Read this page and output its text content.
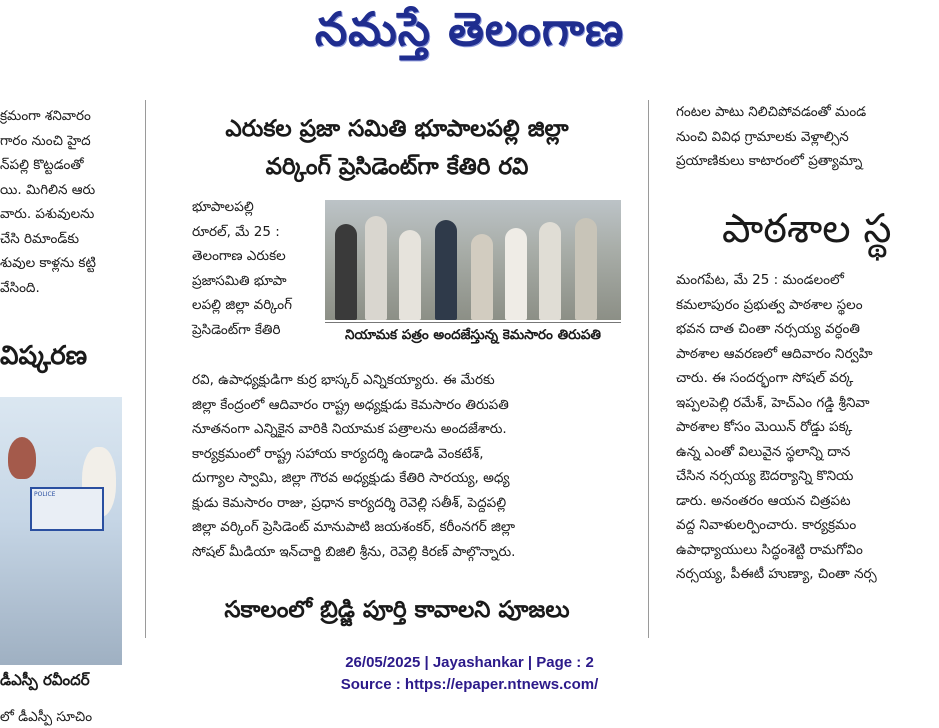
నమస్తే తెలంగాణ
క్రమంగా శనివారం
గారం నుంచి హైద
న్‌పల్లి కొట్టడంతో
యి. మిగిలిన ఆరు
వారు. పశువులను
చేసి రిమాండ్‌కు
శువుల కాళ్లను కట్టి
వేసింది.
విష్కరణ
POLICE
డీఎస్పీ రవీందర్
లో డీఎస్పీ సూచిం
ఎరుకల ప్రజా సమితి భూపాలపల్లి జిల్లా
వర్కింగ్ ప్రెసిడెంట్‌గా కేతిరి రవి
భూపాలపల్లి
రూరల్, మే 25 :
తెలంగాణ ఎరుకల
ప్రజాసమితి భూపా
లపల్లి జిల్లా వర్కింగ్
ప్రెసిడెంట్‌గా కేతిరి	నియామక పత్రం అందజేస్తున్న కెమసారం తిరుపతి
రవి, ఉపాధ్యక్షుడిగా కుర్ర భాస్కర్ ఎన్నికయ్యారు. ఈ మేరకు
జిల్లా కేంద్రంలో ఆదివారం రాష్ట్ర అధ్యక్షుడు కెమసారం తిరుపతి
నూతనంగా ఎన్నికైన వారికి నియామక పత్రాలను అందజేశారు.
కార్యక్రమంలో రాష్ట్ర సహాయ కార్యదర్శి ఉండాడి వెంకటేశ్,
దుగ్యాల స్వామి, జిల్లా గౌరవ అధ్యక్షుడు కేతిరి సారయ్య, అధ్య
క్షుడు కెమసారం రాజు, ప్రధాన కార్యదర్శి రెవెల్లి సతీశ్, పెద్దపల్లి
జిల్లా వర్కింగ్ ప్రెసిడెంట్ మానుపాటి జయశంకర్, కరీంనగర్ జిల్లా
సోషల్ మీడియా ఇన్‌చార్జి బిజిలి శ్రీను, రెవెల్లి కిరణ్ పాల్గొన్నారు.
సకాలంలో బ్రిడ్జి పూర్తి కావాలని పూజలు
గంటల పాటు నిలిచిపోవడంతో మండ
నుంచి వివిధ గ్రామాలకు వెళ్లాల్సిన
ప్రయాణికులు కాటారంలో ప్రత్యామ్నా
పాఠశాల స్థ
మంగపేట, మే 25 : మండలంలో
కమలాపురం ప్రభుత్వ పాఠశాల స్థలం
భవన దాత చింతా నర్సయ్య వర్ధంతి
పాఠశాల ఆవరణలో ఆదివారం నిర్వహి
చారు. ఈ సందర్భంగా సోషల్ వర్క
ఇప్పలపెల్లి రమేశ్, హెచ్‌ఎం గడ్డి శ్రీనివా
పాఠశాల కోసం మెయిన్ రోడ్డు పక్క
ఉన్న ఎంతో విలువైన స్థలాన్ని దాన
చేసిన నర్సయ్య ఔదర్యాన్ని కొనియ
డారు. అనంతరం ఆయన చిత్రపట
వద్ద నివాళులర్పించారు. కార్యక్రమం
ఉపాధ్యాయులు సిద్ధంశెట్టి రామగోవిం
నర్సయ్య, పీఈటీ హుణ్యా, చింతా నర్స
26/05/2025 | Jayashankar | Page : 2
Source : https://epaper.ntnews.com/
